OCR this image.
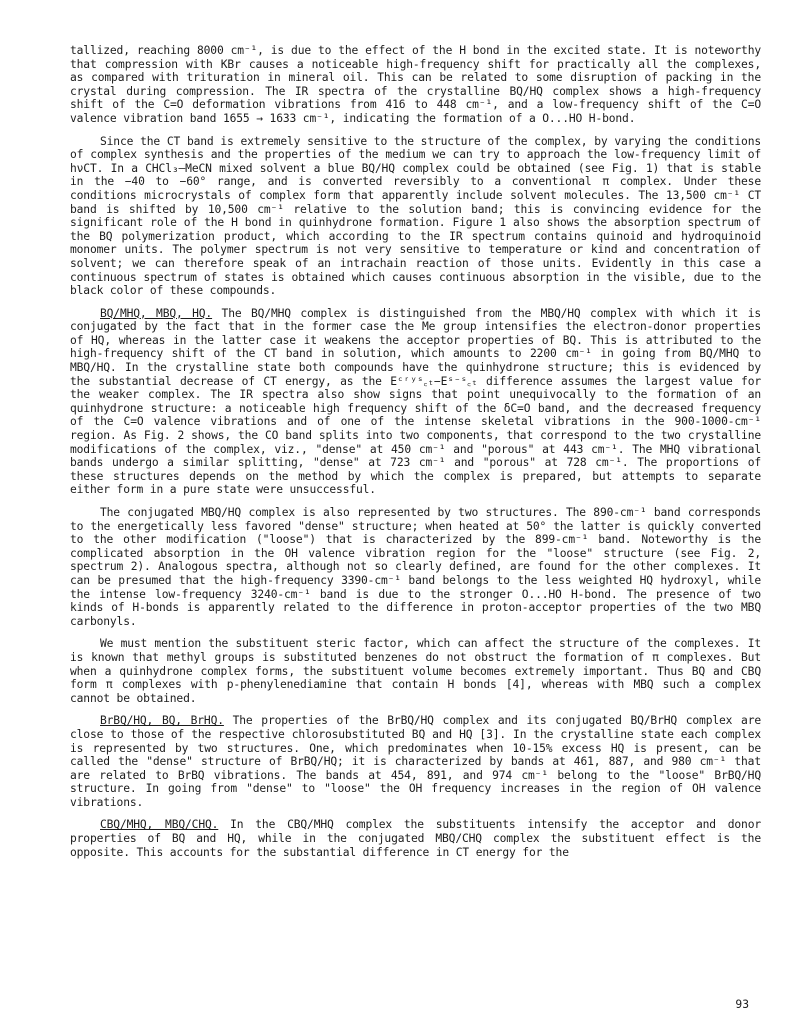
tallized, reaching 8000 cm⁻¹, is due to the effect of the H bond in the excited state. It is noteworthy that compression with KBr causes a noticeable high-frequency shift for practically all the complexes, as compared with trituration in mineral oil. This can be related to some disruption of packing in the crystal during compression. The IR spectra of the crystalline BQ/HQ complex shows a high-frequency shift of the C=O deformation vibrations from 416 to 448 cm⁻¹, and a low-frequency shift of the C=O valence vibration band 1655 → 1633 cm⁻¹, indicating the formation of a O...HO H-bond.

Since the CT band is extremely sensitive to the structure of the complex, by varying the conditions of complex synthesis and the properties of the medium we can try to approach the low-frequency limit of hνCT. In a CHCl₃–MeCN mixed solvent a blue BQ/HQ complex could be obtained (see Fig. 1) that is stable in the −40 to −60° range, and is converted reversibly to a conventional π complex. Under these conditions microcrystals of complex form that apparently include solvent molecules. The 13,500 cm⁻¹ CT band is shifted by 10,500 cm⁻¹ relative to the solution band; this is convincing evidence for the significant role of the H bond in quinhydrone formation. Figure 1 also shows the absorption spectrum of the BQ polymerization product, which according to the IR spectrum contains quinoid and hydroquinoid monomer units. The polymer spectrum is not very sensitive to temperature or kind and concentration of solvent; we can therefore speak of an intrachain reaction of those units. Evidently in this case a continuous spectrum of states is obtained which causes continuous absorption in the visible, due to the black color of these compounds.

BQ/MHQ, MBQ, HQ. The BQ/MHQ complex is distinguished from the MBQ/HQ complex with which it is conjugated by the fact that in the former case the Me group intensifies the electron-donor properties of HQ, whereas in the latter case it weakens the acceptor properties of BQ. This is attributed to the high-frequency shift of the CT band in solution, which amounts to 2200 cm⁻¹ in going from BQ/MHQ to MBQ/HQ. In the crystalline state both compounds have the quinhydrone structure; this is evidenced by the substantial decrease of CT energy, as the Eᶜʳʸˢ꜀ₜ−Eˢ⁻ˢ꜀ₜ difference assumes the largest value for the weaker complex. The IR spectra also show signs that point unequivocally to the formation of an quinhydrone structure: a noticeable high frequency shift of the δC=O band, and the decreased frequency of the C=O valence vibrations and of one of the intense skeletal vibrations in the 900-1000-cm⁻¹ region. As Fig. 2 shows, the CO band splits into two components, that correspond to the two crystalline modifications of the complex, viz., "dense" at 450 cm⁻¹ and "porous" at 443 cm⁻¹. The MHQ vibrational bands undergo a similar splitting, "dense" at 723 cm⁻¹ and "porous" at 728 cm⁻¹. The proportions of these structures depends on the method by which the complex is prepared, but attempts to separate either form in a pure state were unsuccessful.

The conjugated MBQ/HQ complex is also represented by two structures. The 890-cm⁻¹ band corresponds to the energetically less favored "dense" structure; when heated at 50° the latter is quickly converted to the other modification ("loose") that is characterized by the 899-cm⁻¹ band. Noteworthy is the complicated absorption in the OH valence vibration region for the "loose" structure (see Fig. 2, spectrum 2). Analogous spectra, although not so clearly defined, are found for the other complexes. It can be presumed that the high-frequency 3390-cm⁻¹ band belongs to the less weighted HQ hydroxyl, while the intense low-frequency 3240-cm⁻¹ band is due to the stronger O...HO H-bond. The presence of two kinds of H-bonds is apparently related to the difference in proton-acceptor properties of the two MBQ carbonyls.

We must mention the substituent steric factor, which can affect the structure of the complexes. It is known that methyl groups is substituted benzenes do not obstruct the formation of π complexes. But when a quinhydrone complex forms, the substituent volume becomes extremely important. Thus BQ and CBQ form π complexes with p-phenylenediamine that contain H bonds [4], whereas with MBQ such a complex cannot be obtained.

BrBQ/HQ, BQ, BrHQ. The properties of the BrBQ/HQ complex and its conjugated BQ/BrHQ complex are close to those of the respective chlorosubstituted BQ and HQ [3]. In the crystalline state each complex is represented by two structures. One, which predominates when 10-15% excess HQ is present, can be called the "dense" structure of BrBQ/HQ; it is characterized by bands at 461, 887, and 980 cm⁻¹ that are related to BrBQ vibrations. The bands at 454, 891, and 974 cm⁻¹ belong to the "loose" BrBQ/HQ structure. In going from "dense" to "loose" the OH frequency increases in the region of OH valence vibrations.

CBQ/MHQ, MBQ/CHQ. In the CBQ/MHQ complex the substituents intensify the acceptor and donor properties of BQ and HQ, while in the conjugated MBQ/CHQ complex the substituent effect is the opposite. This accounts for the substantial difference in CT energy for the

93
